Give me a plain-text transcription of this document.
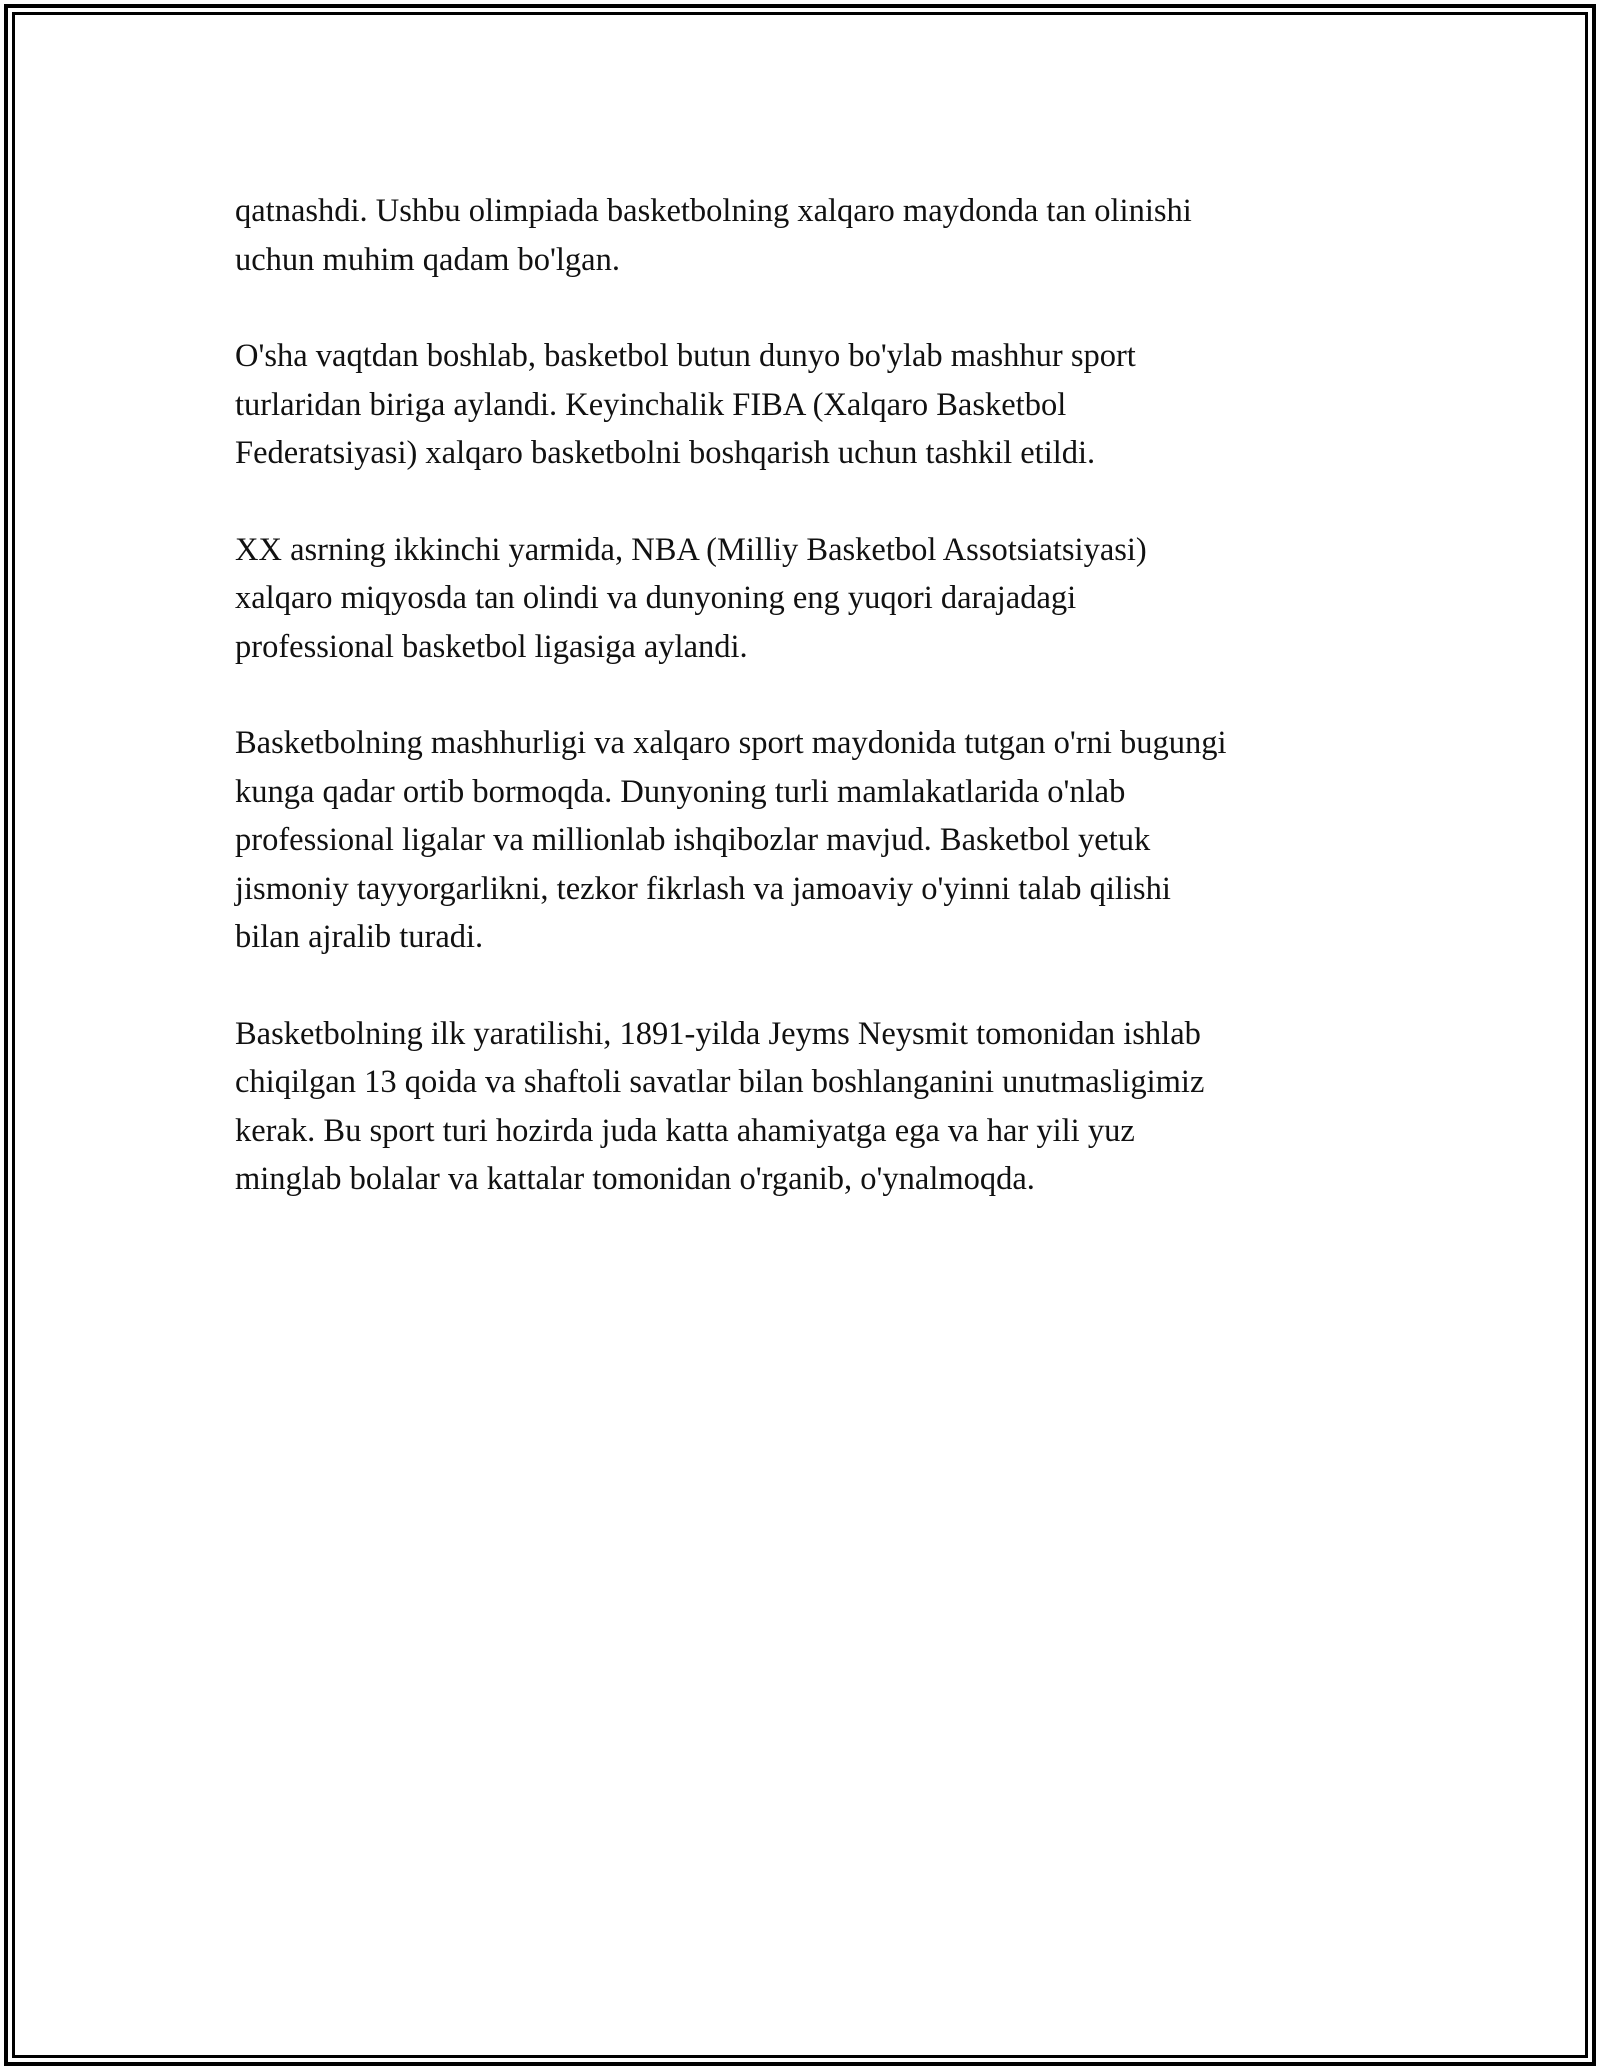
qatnashdi. Ushbu olimpiada basketbolning xalqaro maydonda tan olinishi
uchun muhim qadam bo'lgan.

O'sha vaqtdan boshlab, basketbol butun dunyo bo'ylab mashhur sport
turlaridan biriga aylandi. Keyinchalik FIBA (Xalqaro Basketbol
Federatsiyasi) xalqaro basketbolni boshqarish uchun tashkil etildi.

XX asrning ikkinchi yarmida, NBA (Milliy Basketbol Assotsiatsiyasi)
xalqaro miqyosda tan olindi va dunyoning eng yuqori darajadagi
professional basketbol ligasiga aylandi.

Basketbolning mashhurligi va xalqaro sport maydonida tutgan o'rni bugungi
kunga qadar ortib bormoqda. Dunyoning turli mamlakatlarida o'nlab
professional ligalar va millionlab ishqibozlar mavjud. Basketbol yetuk
jismoniy tayyorgarlikni, tezkor fikrlash va jamoaviy o'yinni talab qilishi
bilan ajralib turadi.

Basketbolning ilk yaratilishi, 1891-yilda Jeyms Neysmit tomonidan ishlab
chiqilgan 13 qoida va shaftoli savatlar bilan boshlanganini unutmasligimiz
kerak. Bu sport turi hozirda juda katta ahamiyatga ega va har yili yuz
minglab bolalar va kattalar tomonidan o'rganib, o'ynalmoqda.
